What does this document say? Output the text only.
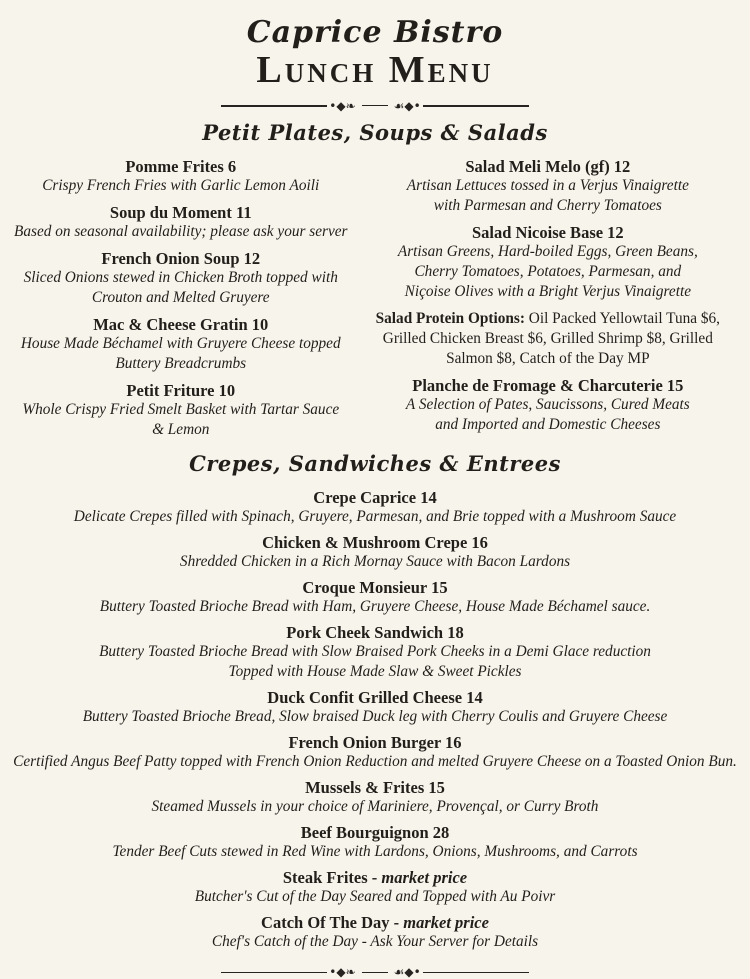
Caprice Bistro
Lunch Menu
•◆❧	☙◆•
Petit Plates, Soups & Salads
Pomme Frites 6
Crispy French Fries with Garlic Lemon Aoili
Soup du Moment 11
Based on seasonal availability; please ask your server
French Onion Soup 12
Sliced Onions stewed in Chicken Broth topped with
Crouton and Melted Gruyere
Mac & Cheese Gratin 10
House Made Béchamel with Gruyere Cheese topped
Buttery Breadcrumbs
Petit Friture 10
Whole Crispy Fried Smelt Basket with Tartar Sauce
& Lemon
Salad Meli Melo (gf) 12
Artisan Lettuces tossed in a Verjus Vinaigrette
with Parmesan and Cherry Tomatoes
Salad Nicoise Base 12
Artisan Greens, Hard-boiled Eggs, Green Beans,
Cherry Tomatoes, Potatoes, Parmesan, and
Niçoise Olives with a Bright Verjus Vinaigrette
Salad Protein Options: Oil Packed Yellowtail Tuna $6,
Grilled Chicken Breast $6, Grilled Shrimp $8, Grilled
Salmon $8, Catch of the Day MP
Planche de Fromage & Charcuterie 15
A Selection of Pates, Saucissons, Cured Meats
and Imported and Domestic Cheeses
Crepes, Sandwiches & Entrees
Crepe Caprice 14
Delicate Crepes filled with Spinach, Gruyere, Parmesan, and Brie topped with a Mushroom Sauce
Chicken & Mushroom Crepe 16
Shredded Chicken in a Rich Mornay Sauce with Bacon Lardons
Croque Monsieur 15
Buttery Toasted Brioche Bread with Ham, Gruyere Cheese, House Made Béchamel sauce.
Pork Cheek Sandwich 18
Buttery Toasted Brioche Bread with Slow Braised Pork Cheeks in a Demi Glace reduction
Topped with House Made Slaw & Sweet Pickles
Duck Confit Grilled Cheese 14
Buttery Toasted Brioche Bread, Slow braised Duck leg with Cherry Coulis and Gruyere Cheese
French Onion Burger 16
Certified Angus Beef Patty topped with French Onion Reduction and melted Gruyere Cheese on a Toasted Onion Bun.
Mussels & Frites 15
Steamed Mussels in your choice of Mariniere, Provençal, or Curry Broth
Beef Bourguignon 28
Tender Beef Cuts stewed in Red Wine with Lardons, Onions, Mushrooms, and Carrots
Steak Frites - market price
Butcher's Cut of the Day Seared and Topped with Au Poivr
Catch Of The Day - market price
Chef's Catch of the Day - Ask Your Server for Details
•◆❧	☙◆•
